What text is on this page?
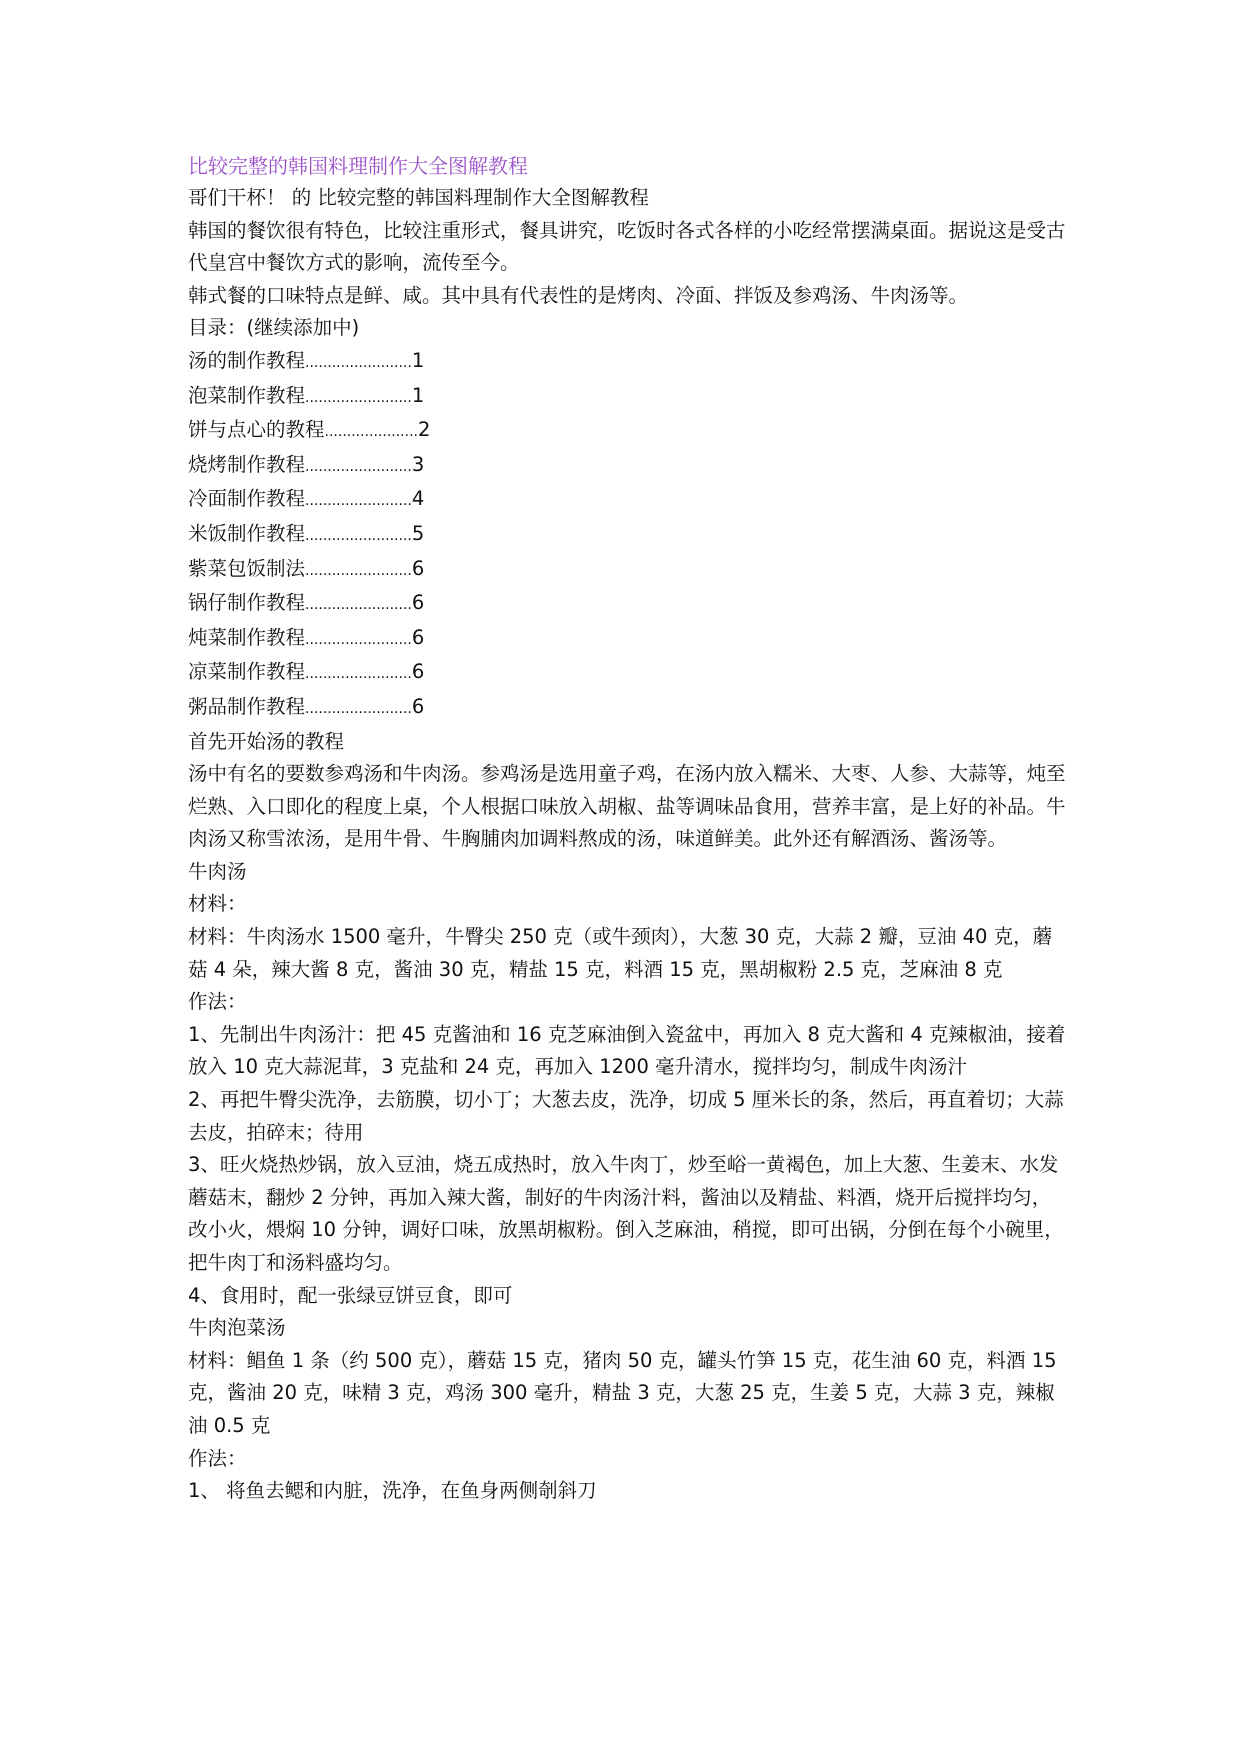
比较完整的韩国料理制作大全图解教程

哥们干杯！ 的 比较完整的韩国料理制作大全图解教程

韩国的餐饮很有特色，比较注重形式，餐具讲究，吃饭时各式各样的小吃经常摆满桌面。据说这是受古代皇宫中餐饮方式的影响，流传至今。

韩式餐的口味特点是鲜、咸。其中具有代表性的是烤肉、冷面、拌饭及参鸡汤、牛肉汤等。

目录：(继续添加中)

汤的制作教程........................1
泡菜制作教程........................1
饼与点心的教程.....................2
烧烤制作教程........................3
冷面制作教程........................4
米饭制作教程........................5
紫菜包饭制法........................6
锅仔制作教程........................6
炖菜制作教程........................6
凉菜制作教程........................6
粥品制作教程........................6

首先开始汤的教程

汤中有名的要数参鸡汤和牛肉汤。参鸡汤是选用童子鸡，在汤内放入糯米、大枣、人参、大蒜等，炖至烂熟、入口即化的程度上桌，个人根据口味放入胡椒、盐等调味品食用，营养丰富，是上好的补品。牛肉汤又称雪浓汤，是用牛骨、牛胸脯肉加调料熬成的汤，味道鲜美。此外还有解酒汤、酱汤等。

牛肉汤

材料：

材料：牛肉汤水 1500 毫升，牛臀尖 250 克（或牛颈肉），大葱 30 克，大蒜 2 瓣，豆油 40 克，蘑菇 4 朵，辣大酱 8 克，酱油 30 克，精盐 15 克，料酒 15 克，黑胡椒粉 2.5 克，芝麻油 8 克

作法：

1、先制出牛肉汤汁：把 45 克酱油和 16 克芝麻油倒入瓷盆中，再加入 8 克大酱和 4 克辣椒油，接着放入 10 克大蒜泥茸，3 克盐和 24 克，再加入 1200 毫升清水，搅拌均匀，制成牛肉汤汁

2、再把牛臀尖洗净，去筋膜，切小丁；大葱去皮，洗净，切成 5 厘米长的条，然后，再直着切；大蒜去皮，拍碎末；待用

3、旺火烧热炒锅，放入豆油，烧五成热时，放入牛肉丁，炒至峪一黄褐色，加上大葱、生姜末、水发蘑菇末，翻炒 2 分钟，再加入辣大酱，制好的牛肉汤汁料，酱油以及精盐、料酒，烧开后搅拌均匀，改小火，煨焖 10 分钟，调好口味，放黑胡椒粉。倒入芝麻油，稍搅，即可出锅，分倒在每个小碗里，把牛肉丁和汤料盛均匀。

4、食用时，配一张绿豆饼豆食，即可

牛肉泡菜汤

材料：鲳鱼 1 条（约 500 克），蘑菇 15 克，猪肉 50 克，罐头竹笋 15 克，花生油 60 克，料酒 15 克，酱油 20 克，味精 3 克，鸡汤 300 毫升，精盐 3 克，大葱 25 克，生姜 5 克，大蒜 3 克，辣椒油 0.5 克

作法：

1、 将鱼去鳃和内脏，洗净，在鱼身两侧剞斜刀
